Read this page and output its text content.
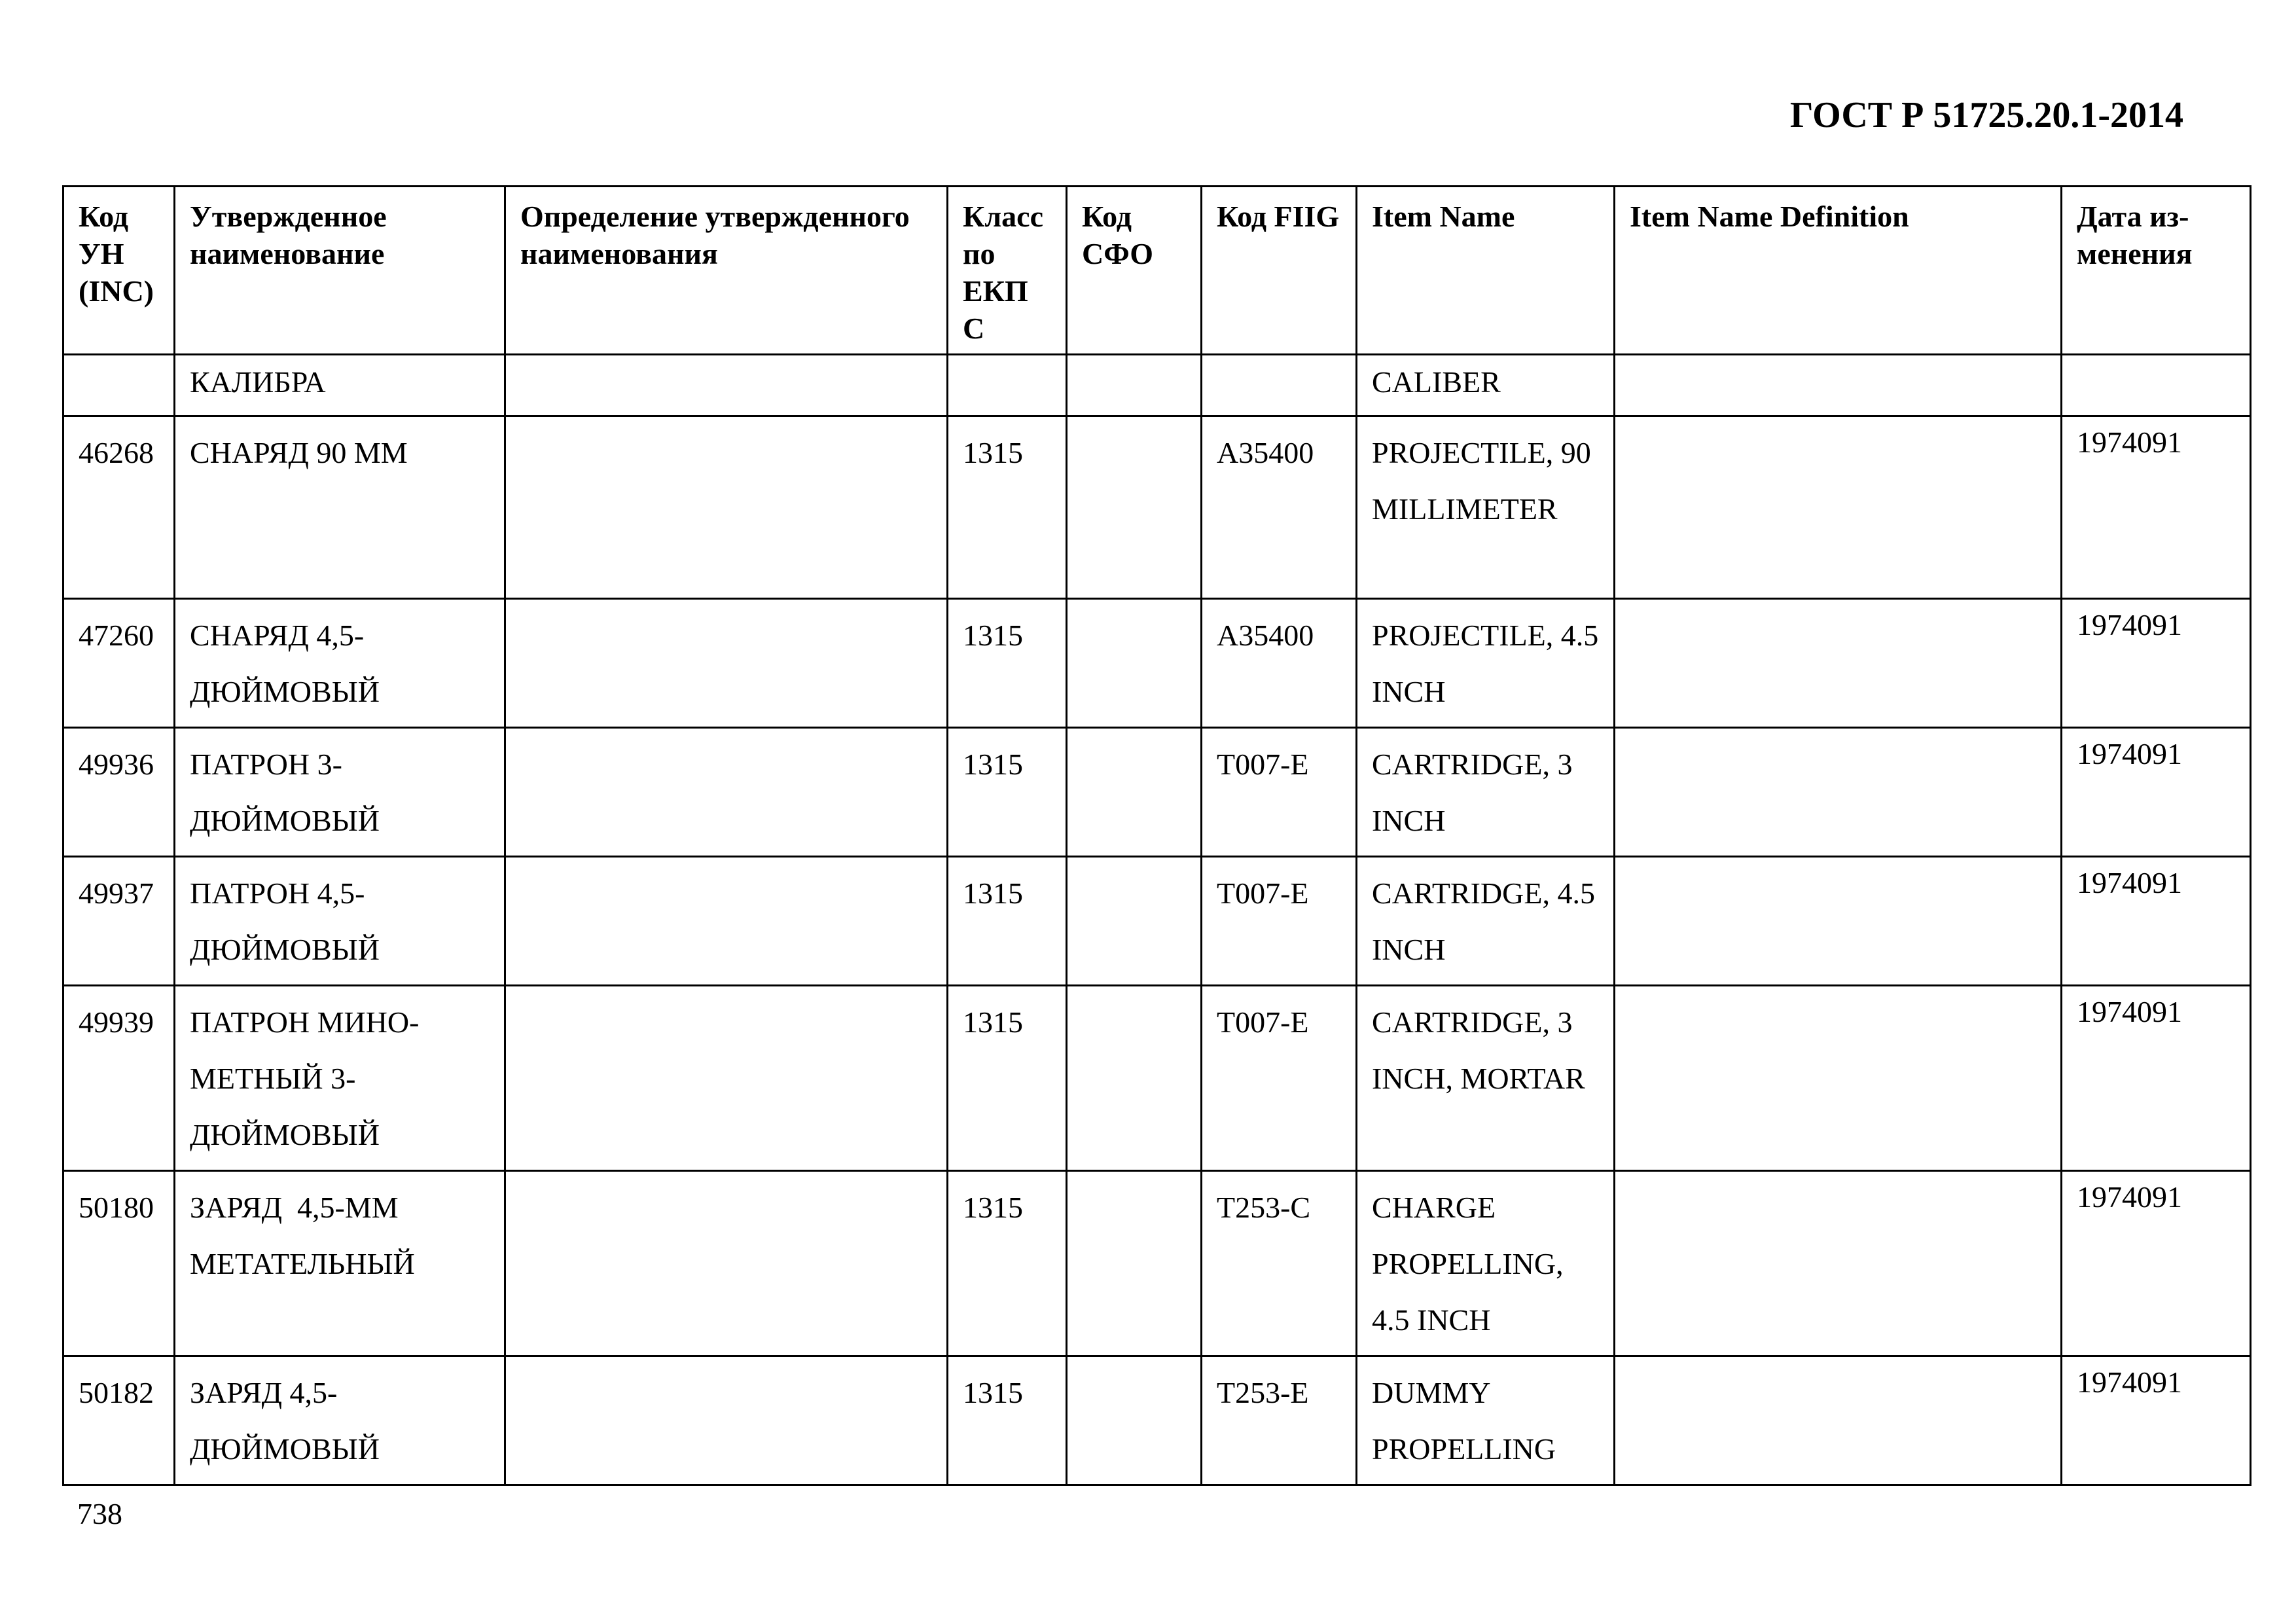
ГОСТ Р 51725.20.1-2014
Код УН (INC)	Утвержденное наименование	Определение утвержденного наименования	Класс по ЕКП С	Код СФО	Код FIIG	Item Name	Item Name Definition	Дата из-менения
	КАЛИБРА					CALIBER		
46268	СНАРЯД 90 ММ		1315		A35400	PROJECTILE, 90 MILLIMETER		1974091
47260	СНАРЯД 4,5-ДЮЙМОВЫЙ		1315		A35400	PROJECTILE, 4.5 INCH		1974091
49936	ПАТРОН 3-ДЮЙМОВЫЙ		1315		T007-E	CARTRIDGE, 3 INCH		1974091
49937	ПАТРОН 4,5-ДЮЙМОВЫЙ		1315		T007-E	CARTRIDGE, 4.5 INCH		1974091
49939	ПАТРОН МИНО-МЕТНЫЙ 3-ДЮЙМОВЫЙ		1315		T007-E	CARTRIDGE, 3 INCH, MORTAR		1974091
50180	ЗАРЯД  4,5-ММ МЕТАТЕЛЬНЫЙ		1315		T253-C	CHARGE PROPELLING, 4.5 INCH		1974091
50182	ЗАРЯД 4,5-ДЮЙМОВЫЙ		1315		T253-E	DUMMY PROPELLING		1974091
738
